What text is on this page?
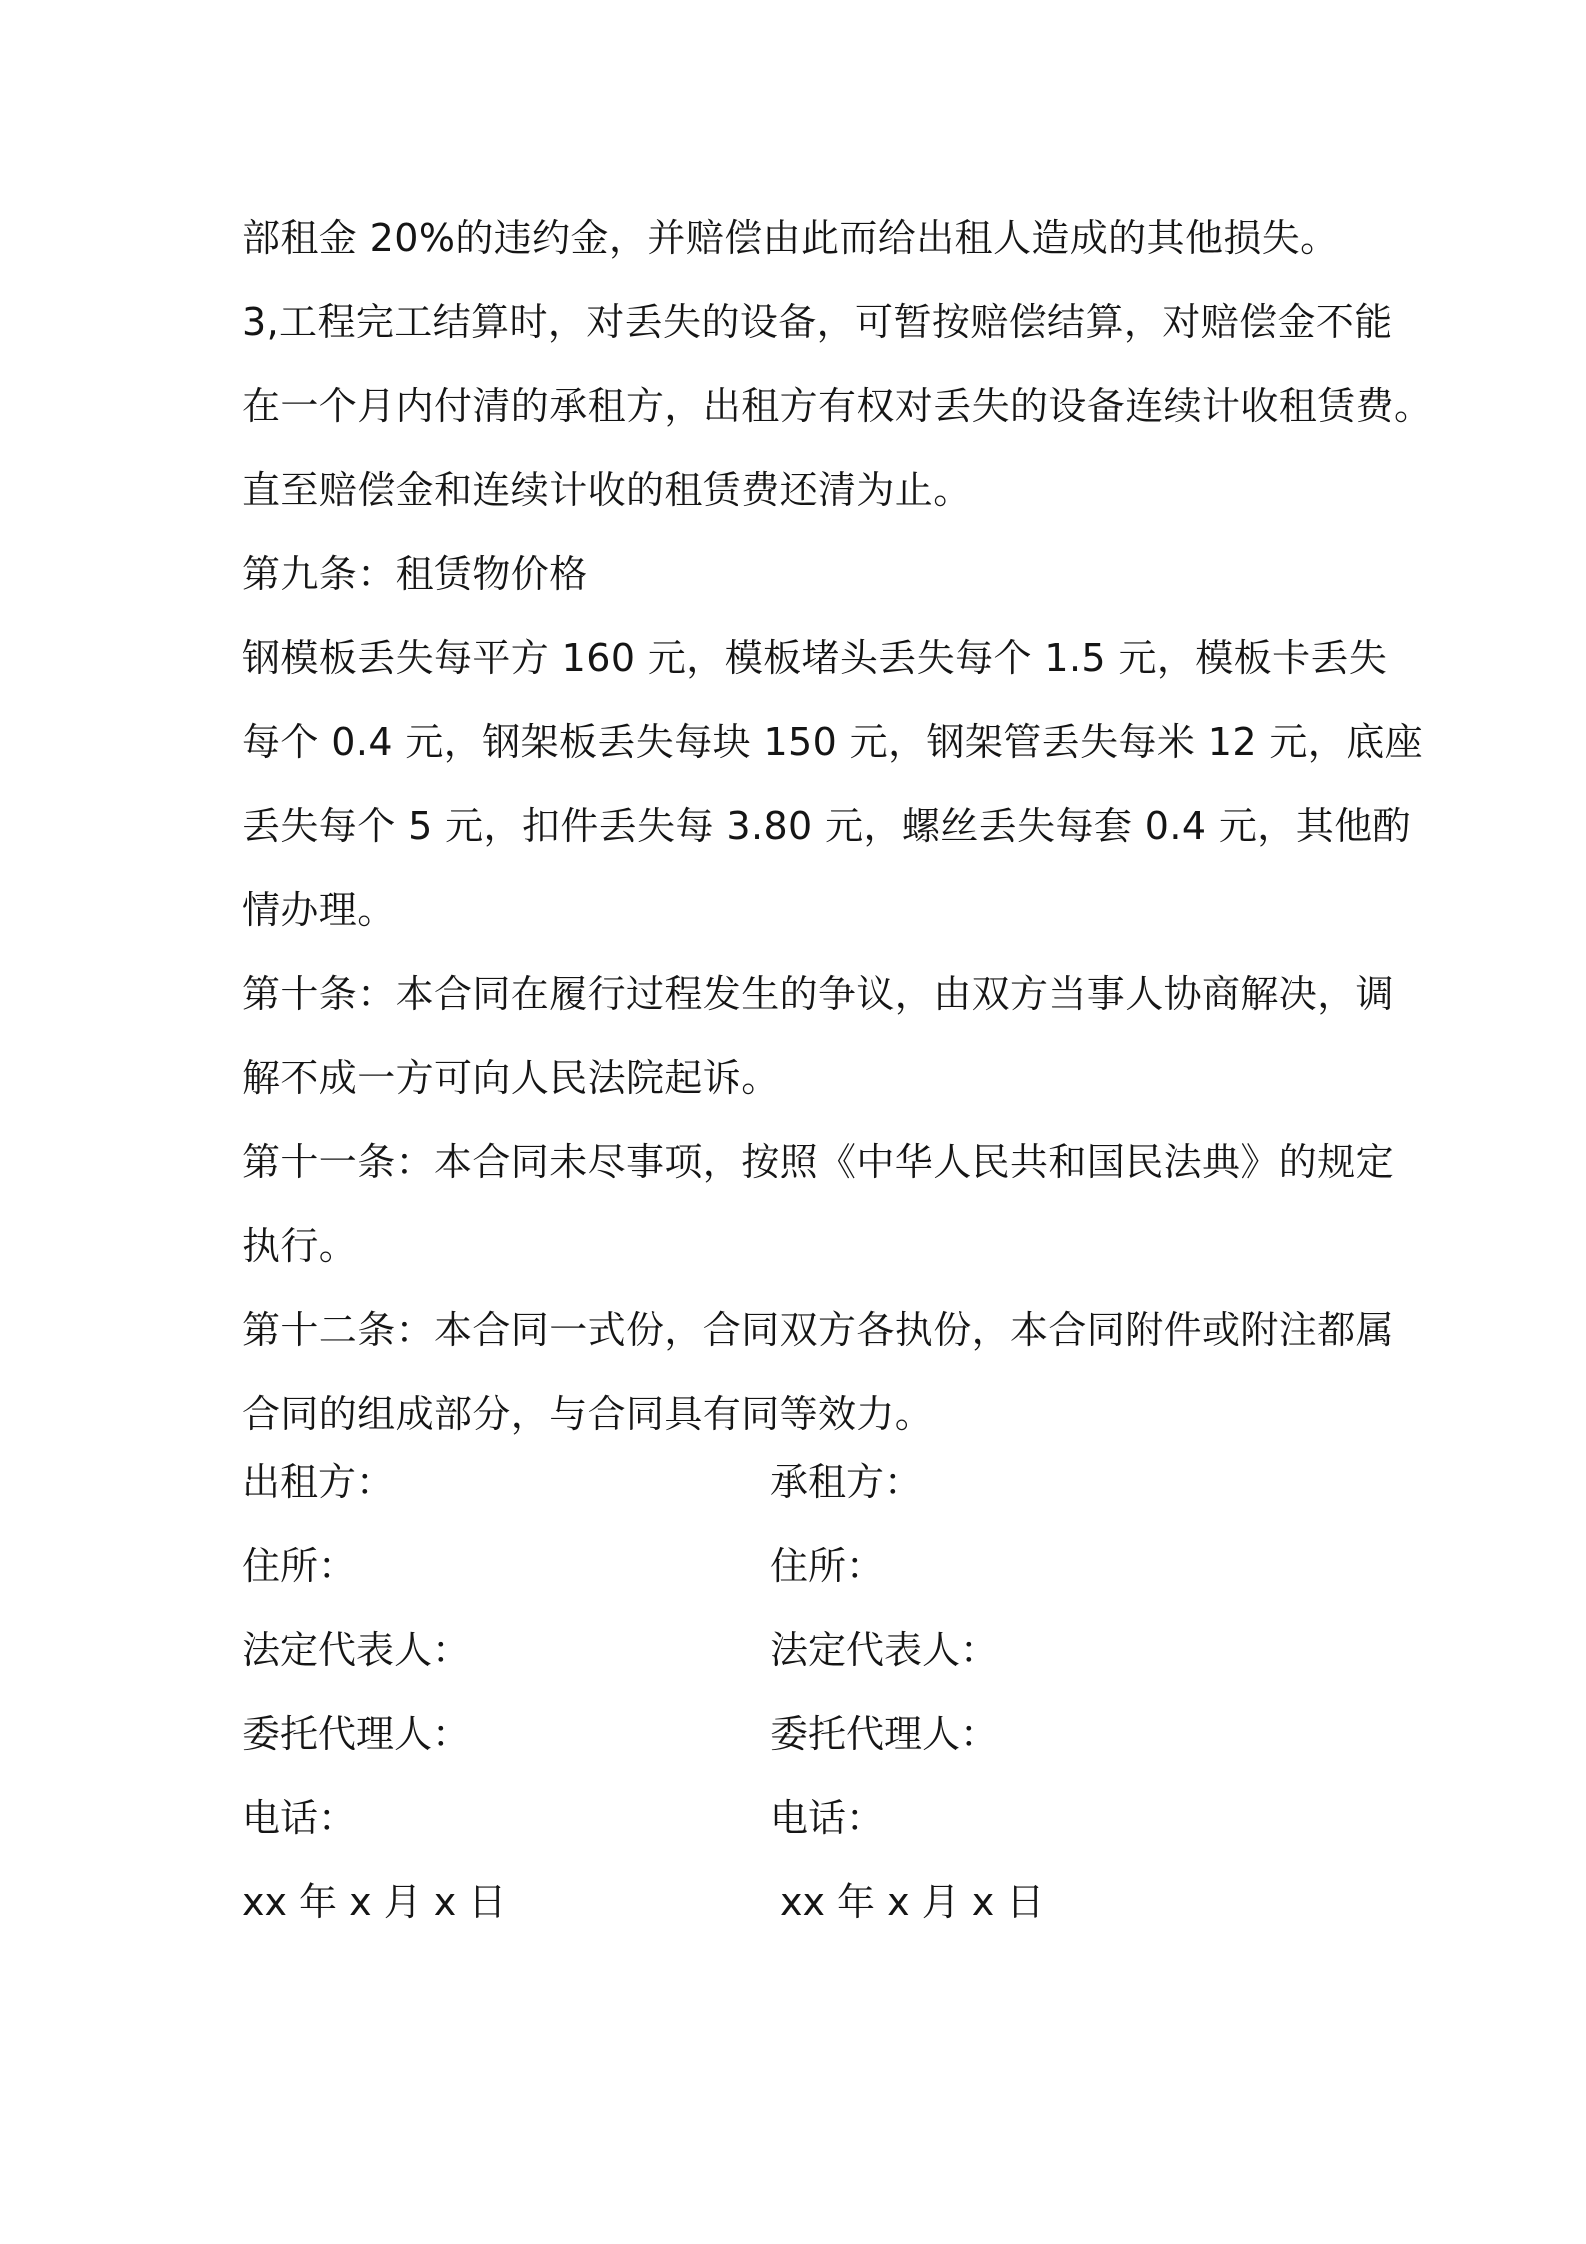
部租金 20%的违约金，并赔偿由此而给出租人造成的其他损失。
3,工程完工结算时，对丢失的设备，可暂按赔偿结算，对赔偿金不能
在一个月内付清的承租方，出租方有权对丢失的设备连续计收租赁费。
直至赔偿金和连续计收的租赁费还清为止。
第九条：租赁物价格
钢模板丢失每平方 160 元，模板堵头丢失每个 1.5 元，模板卡丢失
每个 0.4 元，钢架板丢失每块 150 元，钢架管丢失每米 12 元，底座
丢失每个 5 元，扣件丢失每 3.80 元，螺丝丢失每套 0.4 元，其他酌
情办理。
第十条：本合同在履行过程发生的争议，由双方当事人协商解决，调
解不成一方可向人民法院起诉。
第十一条：本合同未尽事项，按照《中华人民共和国民法典》的规定
执行。
第十二条：本合同一式份，合同双方各执份，本合同附件或附注都属
合同的组成部分，与合同具有同等效力。
出租方：	承租方：
住所：	住所：
法定代表人：	法定代表人：
委托代理人：	委托代理人：
电话：	电话：
xx 年 x 月 x 日	xx 年 x 月 x 日
